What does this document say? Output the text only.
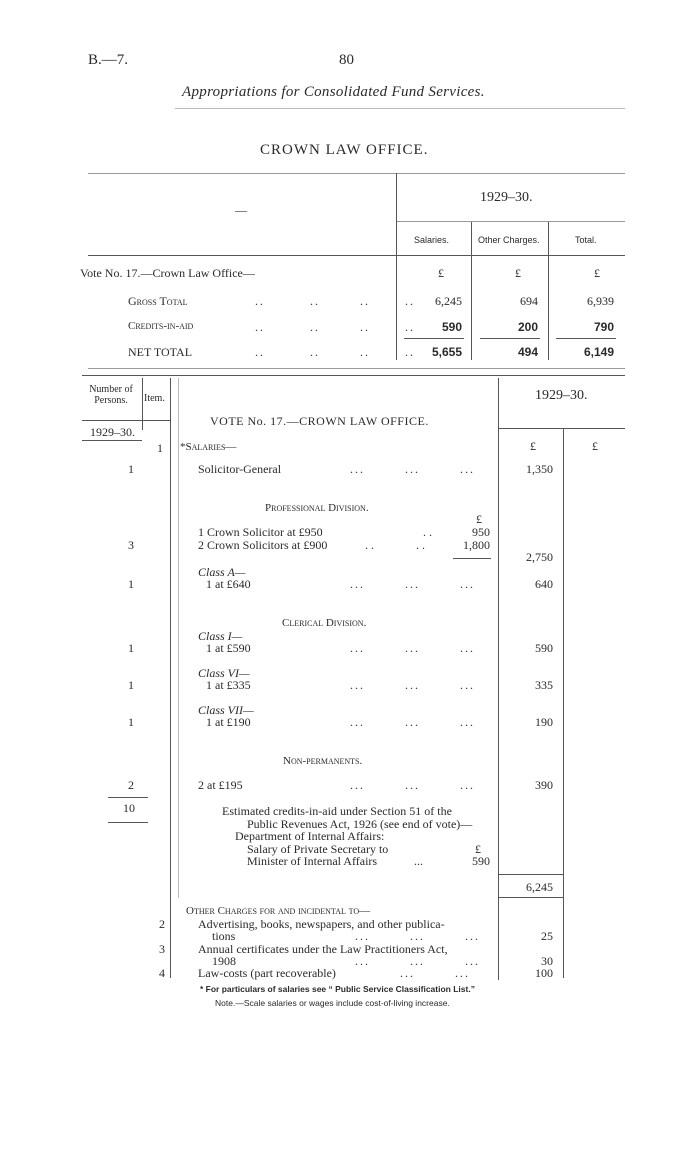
B.—7.	80
Appropriations for Consolidated Fund Services.
CROWN LAW OFFICE.
—
1929–30.
Salaries.	Other Charges.	Total.
Vote No. 17.—Crown Law Office—	£	£	£
Gross Total	..         ..        ..       ..	6,245	694	6,939
Credits-in-aid	..         ..        ..       ..	590	200	790
NET TOTAL	..         ..        ..       ..	5,655	494	6,149
Number of Persons.	Item.	1929–30.
VOTE No. 17.—CROWN LAW OFFICE.
1929–30.
1 *Salaries—	£	£
1	Solicitor-General	...        ...        ...	1,350
Professional Division.
£
1 Crown Solicitor at £950	. .	950
3	2 Crown Solicitors at £900	. .              . .	1,800
2,750
Class A—
1	1 at £640	...        ...        ...	640
Clerical Division.
Class I—
1	1 at £590	...        ...        ...	590
Class VI—
1	1 at £335	...        ...        ...	335
Class VII—
1	1 at £190	...        ...        ...	190
Non-permanents.
2	2 at £195	...        ...        ...	390
10	Estimated credits-in-aid under Section 51 of the
Public Revenues Act, 1926 (see end of vote)—
Department of Internal Affairs:
Salary of Private Secretary to	£
Minister of Internal Affairs	...	590
6,245
Other Charges for and incidental to—
2	Advertising, books, newspapers, and other publica-
tions	...        ...        ...	25
3	Annual certificates under the Law Practitioners Act,
1908	...        ...        ...	30
4	Law-costs (part recoverable)	...        ...	100
* For particulars of salaries see “ Public Service Classification List.”
Note.—Scale salaries or wages include cost-of-living increase.
